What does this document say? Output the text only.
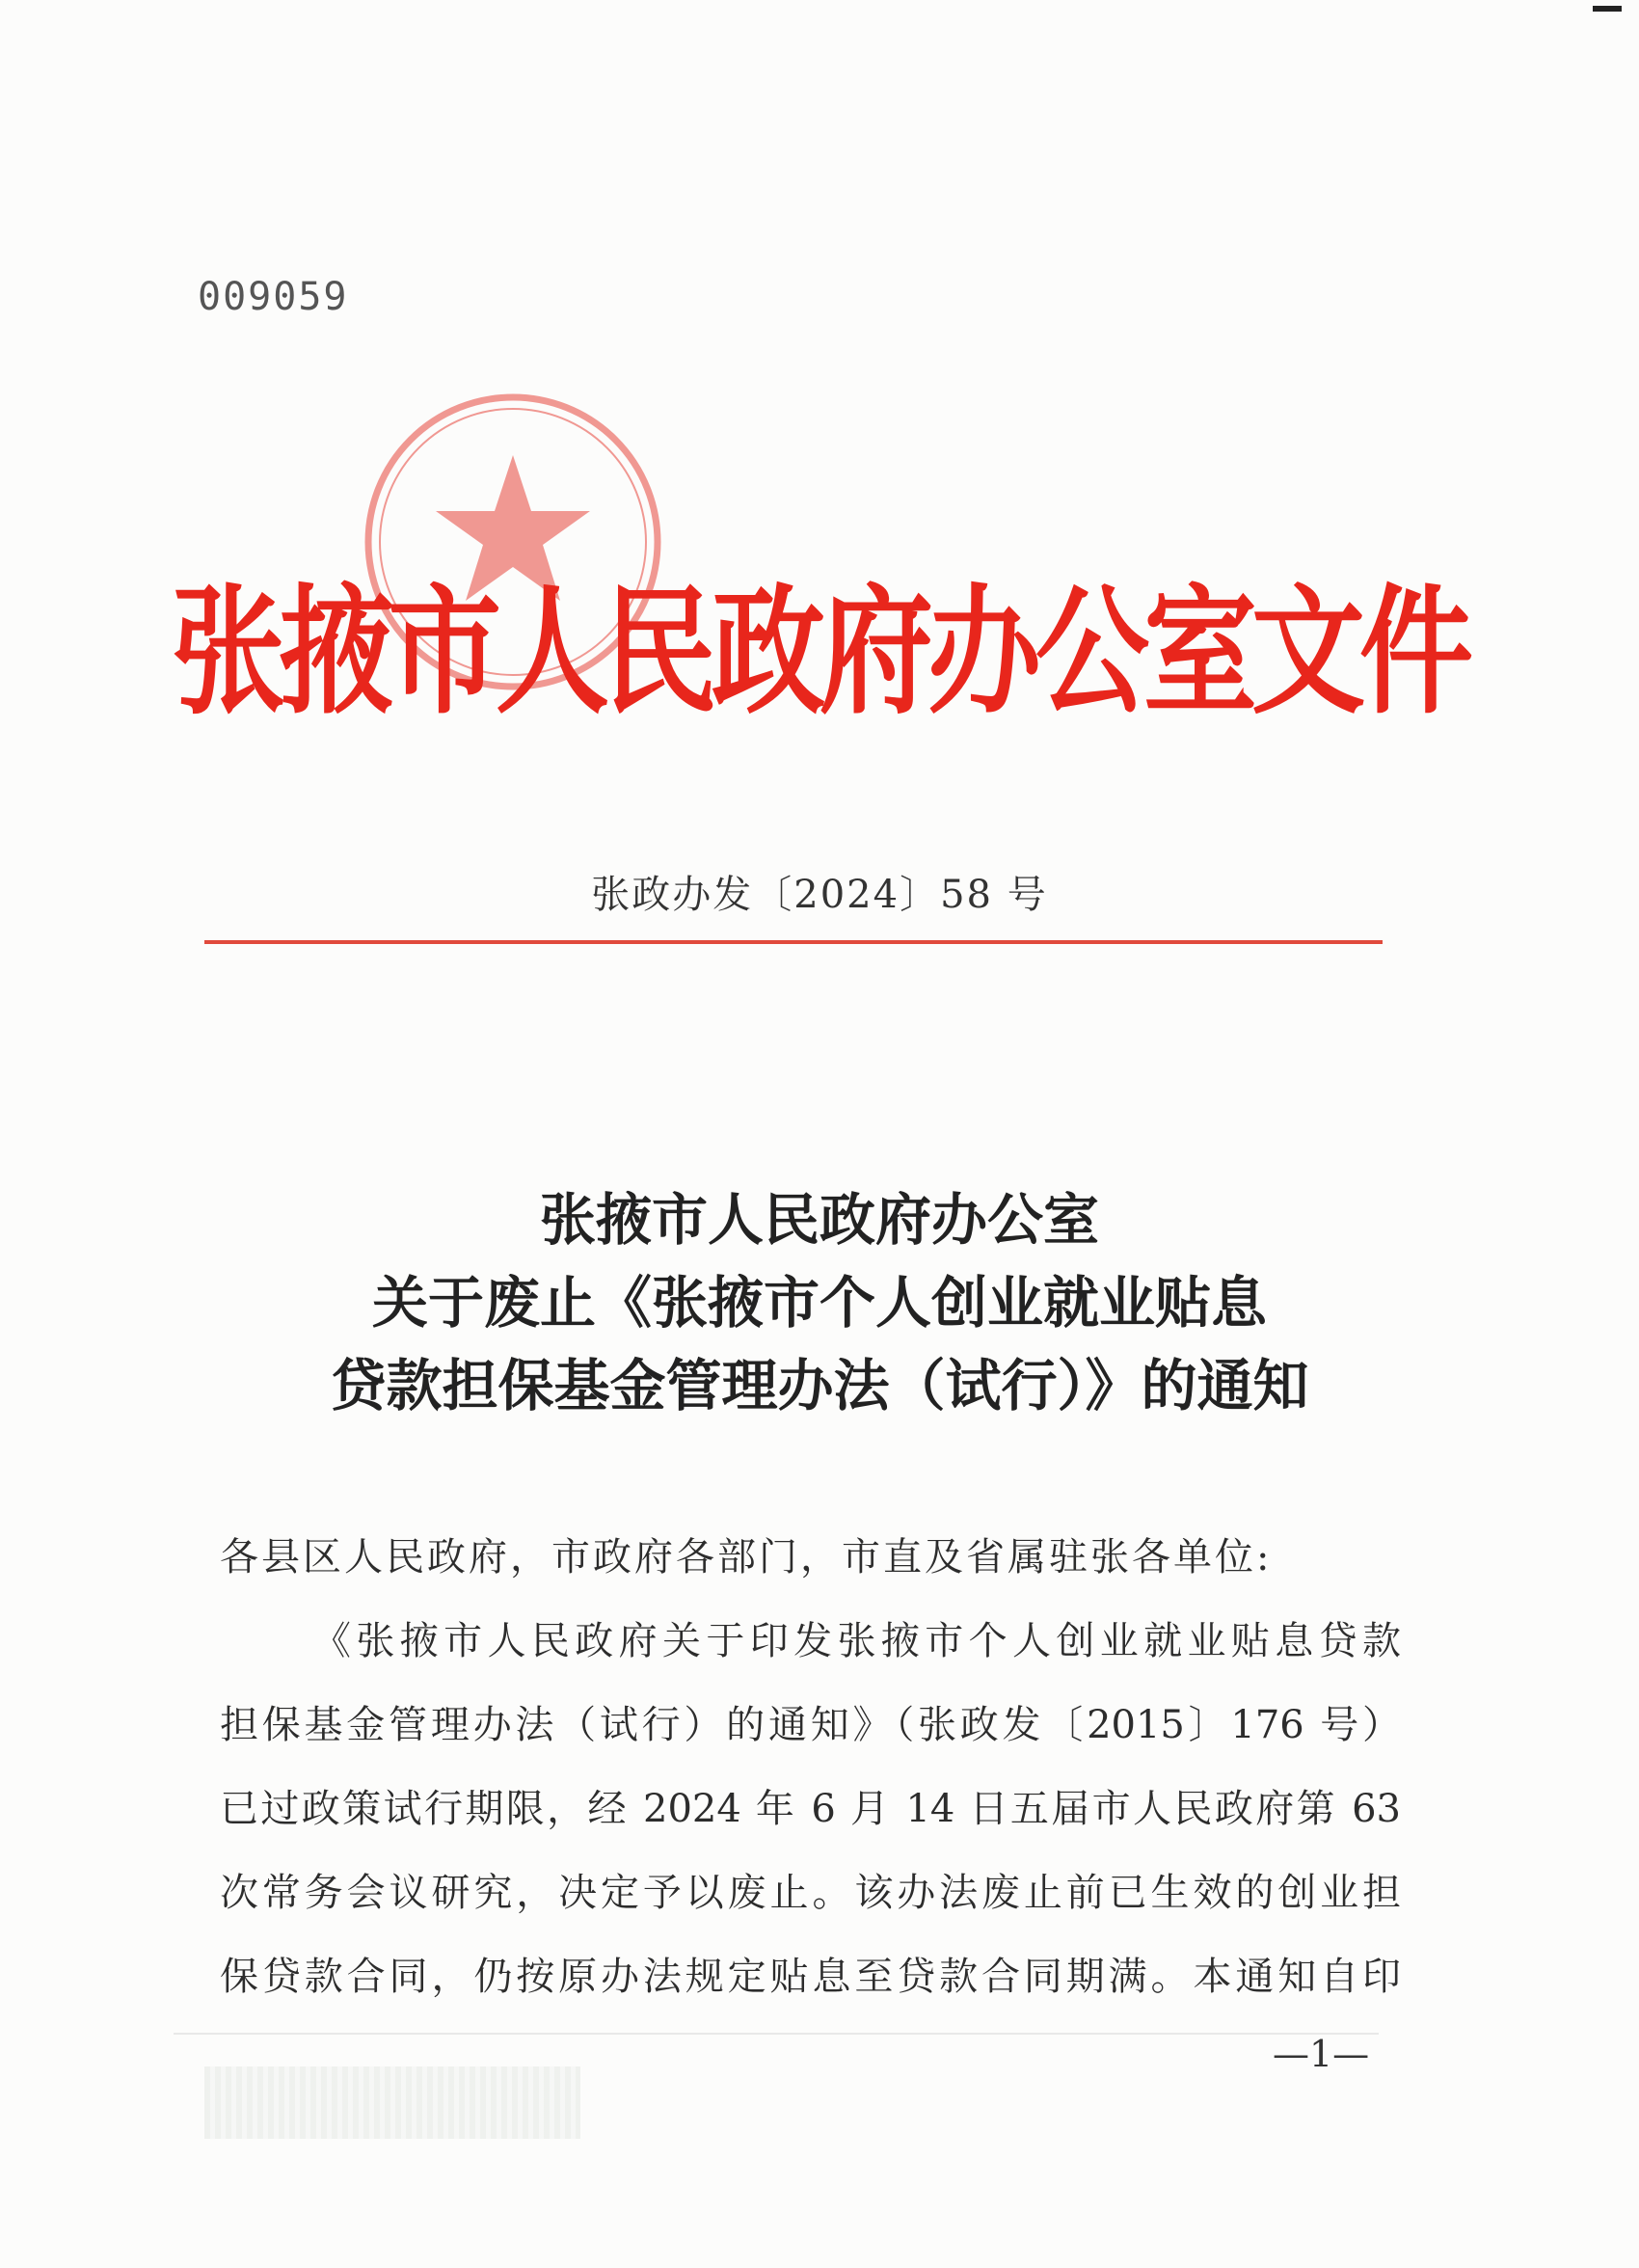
009059
张掖市人民政府办公室文件
张政办发〔2024〕58 号
张掖市人民政府办公室
关于废止《张掖市个人创业就业贴息
贷款担保基金管理办法（试行）》的通知
各县区人民政府，市政府各部门，市直及省属驻张各单位:
《张掖市人民政府关于印发张掖市个人创业就业贴息贷款
担保基金管理办法（试行）的通知》（张政发〔2015〕176 号）
已过政策试行期限，经 2024 年 6 月 14 日五届市人民政府第 63
次常务会议研究，决定予以废止。该办法废止前已生效的创业担
保贷款合同，仍按原办法规定贴息至贷款合同期满。本通知自印
—1—
